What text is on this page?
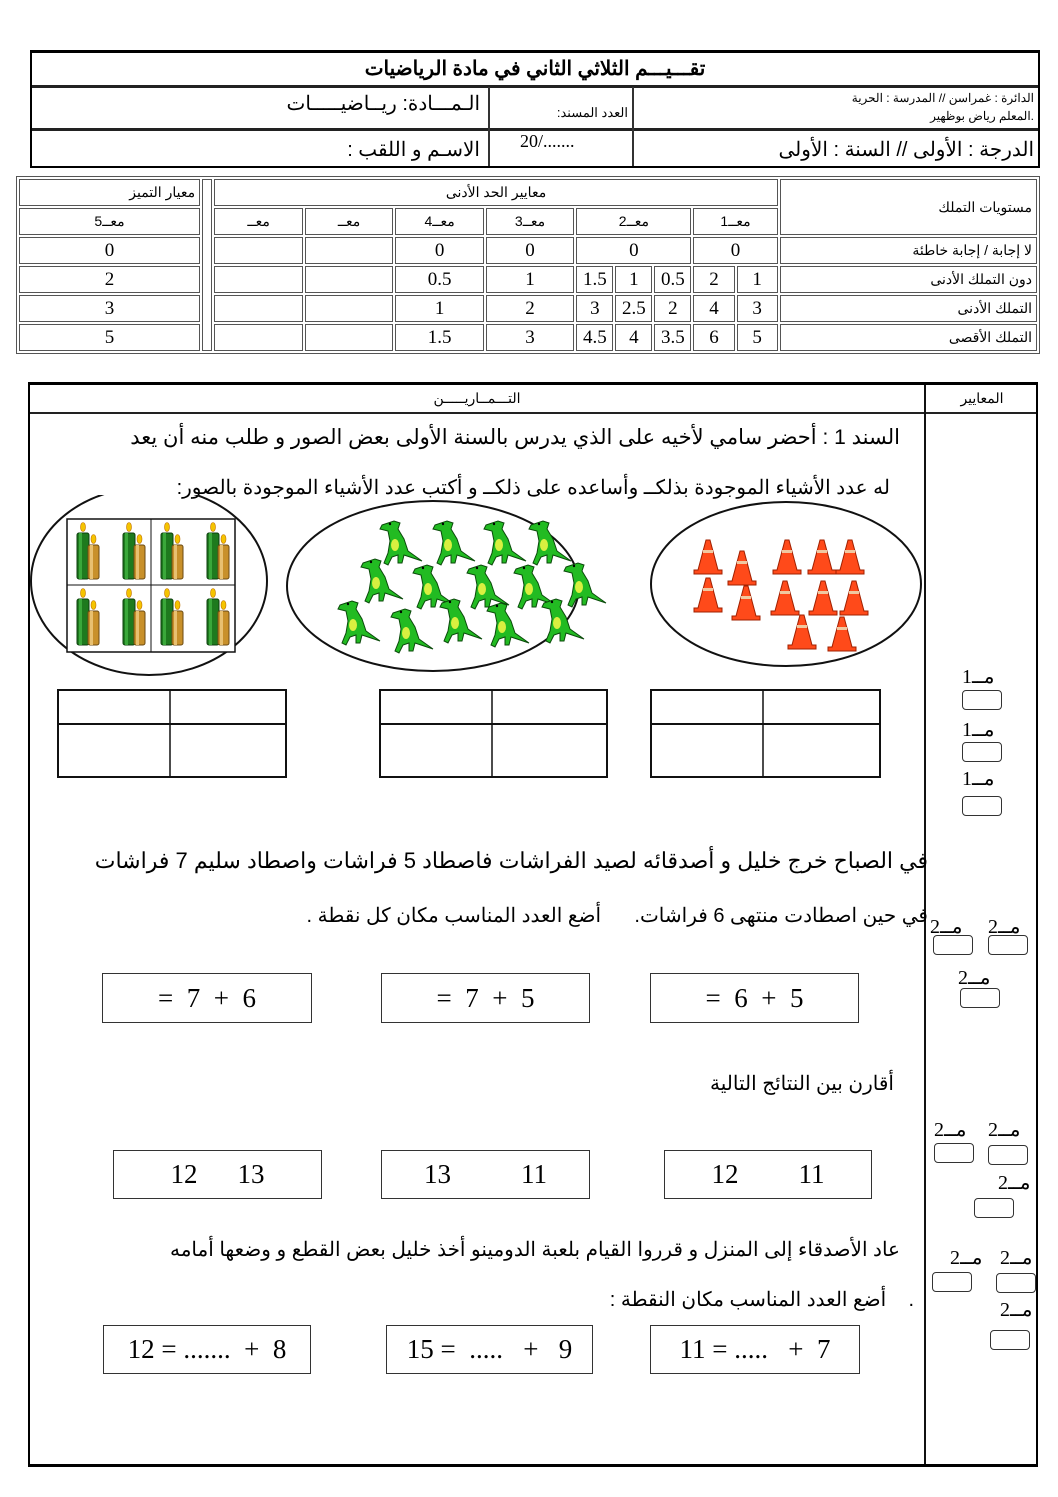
تقـــيـــم الثلاثي الثاني في مادة الرياضيات
الدائرة : غمراسن // المدرسة : الحرية
.المعلم رياض بوظهير
الدرجة : الأولى // السنة : الأولى
العدد المسند:
20/.......
الـمـــادة: ريــاضيـــــات
الاسـم و اللقب :
معيار التميز		معايير الحد الأدنى									مستويات التملك
معــ5		معــ	معــ	معــ4	معــ3	معــ2			معــ1		
0				0	0	0			0		لا إجابة / إجابة خاطئة
2				0.5	1	1.5	1	0.5	2	1	دون التملك الأدنى
3				1	2	3	2.5	2	4	3	التملك الأدنى
5				1.5	3	4.5	4	3.5	6	5	التملك الأقصى
المعايير
التـــمــاريـــــن
السند 1 : أحضر سامي لأخيه على الذي يدرس بالسنة الأولى بعض الصور و طلب منه أن يعد
له عدد الأشياء الموجودة بذلكــ وأساعده على ذلكــ و أكتب عدد الأشياء الموجودة بالصور:
في الصباح خرج خليل و أصدقائه لصيد الفراشات فاصطاد 5 فراشات واصطاد سليم 7 فراشات
في حين اصطادت منتهى 6 فراشات.      أضع العدد المناسب مكان كل نقطة .
=  6  +  5
=  7  +  5
=  7  +  6
أقارن بين النتائج التالية
12 11
13	11
12 13
عاد الأصدقاء إلى المنزل و قرروا القيام بلعبة الدومينو أخذ خليل بعض القطع و وضعها أمامه
.    أضع العدد المناسب مكان النقطة :
11 = .....   +  7
15 =  .....   +   9
12 = .......  +  8
مــ1
مــ1
مــ1
مــ2 مــ2
مــ2
مــ2 مــ2
مــ2
مــ2 مــ2
مــ2
